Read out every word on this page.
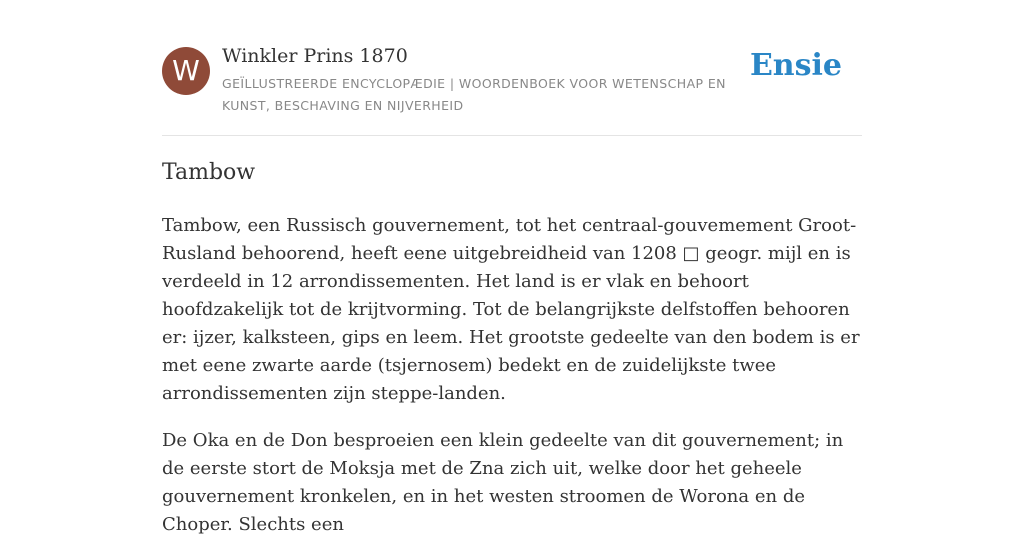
W	Winkler Prins 1870
GEÏLLUSTREERDE ENCYCLOPÆDIE | WOORDENBOEK VOOR WETENSCHAP EN KUNST, BESCHAVING EN NIJVERHEID
Ensie
Tambow

Tambow, een Russisch gouvernement, tot het centraal-gouvemement Groot-Rusland behoorend, heeft eene uitgebreidheid van 1208 □ geogr. mijl en is verdeeld in 12 arrondissementen. Het land is er vlak en behoort hoofdzakelijk tot de krijtvorming. Tot de belangrijkste delfstoffen behooren er: ijzer, kalksteen, gips en leem. Het grootste gedeelte van den bodem is er met eene zwarte aarde (tsjernosem) bedekt en de zuidelijkste twee arrondissementen zijn steppe-landen.

De Oka en de Don besproeien een klein gedeelte van dit gouvernement; in de eerste stort de Moksja met de Zna zich uit, welke door het geheele gouvernement kronkelen, en in het westen stroomen de Worona en de Choper. Slechts een
